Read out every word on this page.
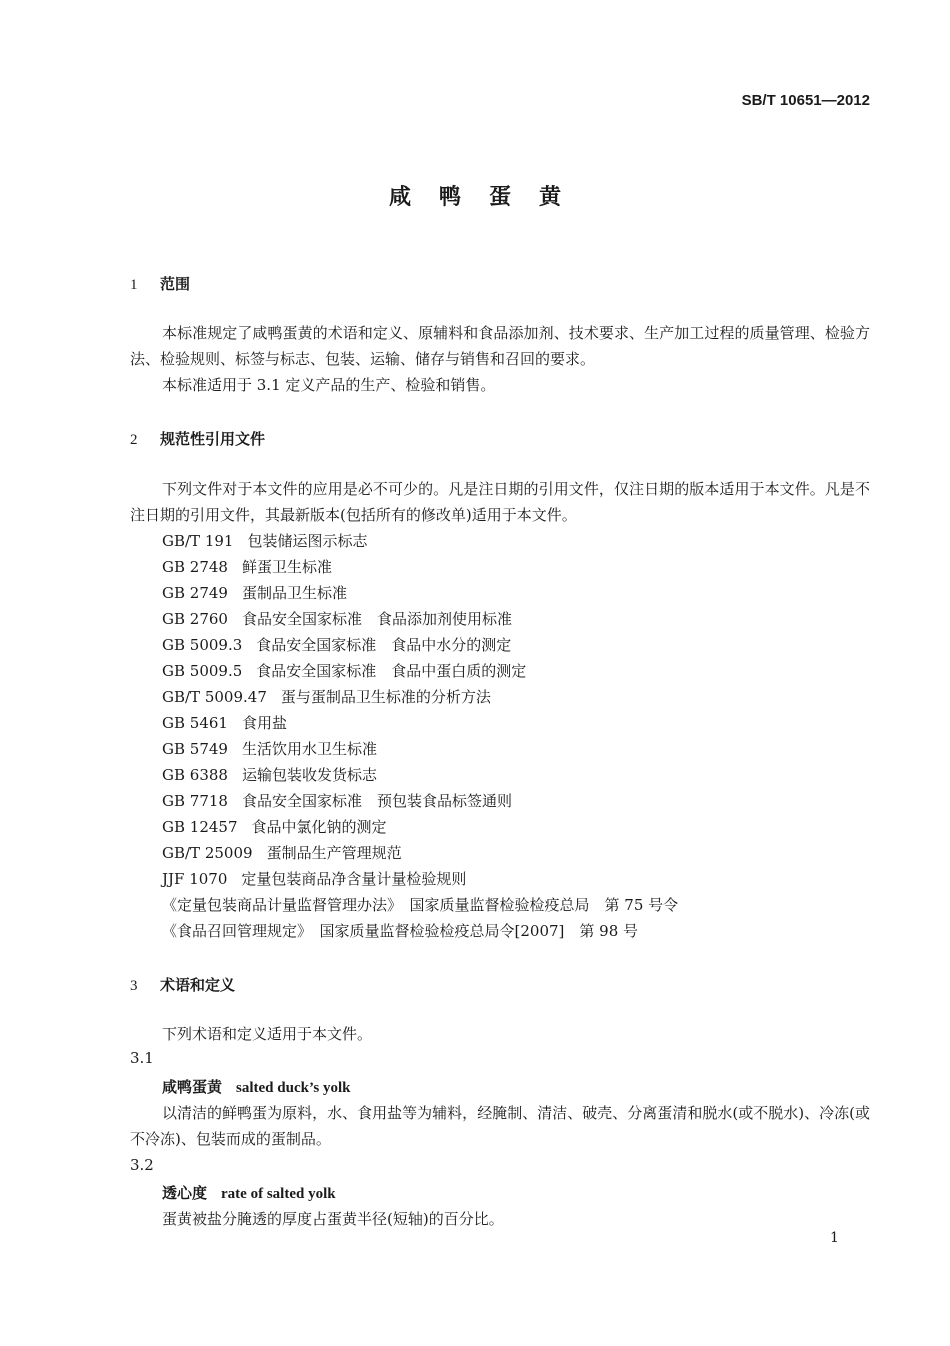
SB/T 10651—2012
咸鸭蛋黄
1 范围
本标准规定了咸鸭蛋黄的术语和定义、原辅料和食品添加剂、技术要求、生产加工过程的质量管理、检验方法、检验规则、标签与标志、包装、运输、储存与销售和召回的要求。
本标准适用于 3.1 定义产品的生产、检验和销售。
2 规范性引用文件
下列文件对于本文件的应用是必不可少的。凡是注日期的引用文件，仅注日期的版本适用于本文件。凡是不注日期的引用文件，其最新版本(包括所有的修改单)适用于本文件。
GB/T 191 包装储运图示标志
GB 2748 鲜蛋卫生标准
GB 2749 蛋制品卫生标准
GB 2760 食品安全国家标准　食品添加剂使用标准
GB 5009.3 食品安全国家标准　食品中水分的测定
GB 5009.5 食品安全国家标准　食品中蛋白质的测定
GB/T 5009.47 蛋与蛋制品卫生标准的分析方法
GB 5461 食用盐
GB 5749 生活饮用水卫生标准
GB 6388 运输包装收发货标志
GB 7718 食品安全国家标准　预包装食品标签通则
GB 12457 食品中氯化钠的测定
GB/T 25009 蛋制品生产管理规范
JJF 1070 定量包装商品净含量计量检验规则
《定量包装商品计量监督管理办法》　国家质量监督检验检疫总局　第 75 号令
《食品召回管理规定》　国家质量监督检验检疫总局令[2007]　第 98 号
3 术语和定义
下列术语和定义适用于本文件。
3.1
咸鸭蛋黄 salted duck’s yolk
以清洁的鲜鸭蛋为原料，水、食用盐等为辅料，经腌制、清洁、破壳、分离蛋清和脱水(或不脱水)、冷冻(或不冷冻)、包装而成的蛋制品。
3.2
透心度 rate of salted yolk
蛋黄被盐分腌透的厚度占蛋黄半径(短轴)的百分比。
1
